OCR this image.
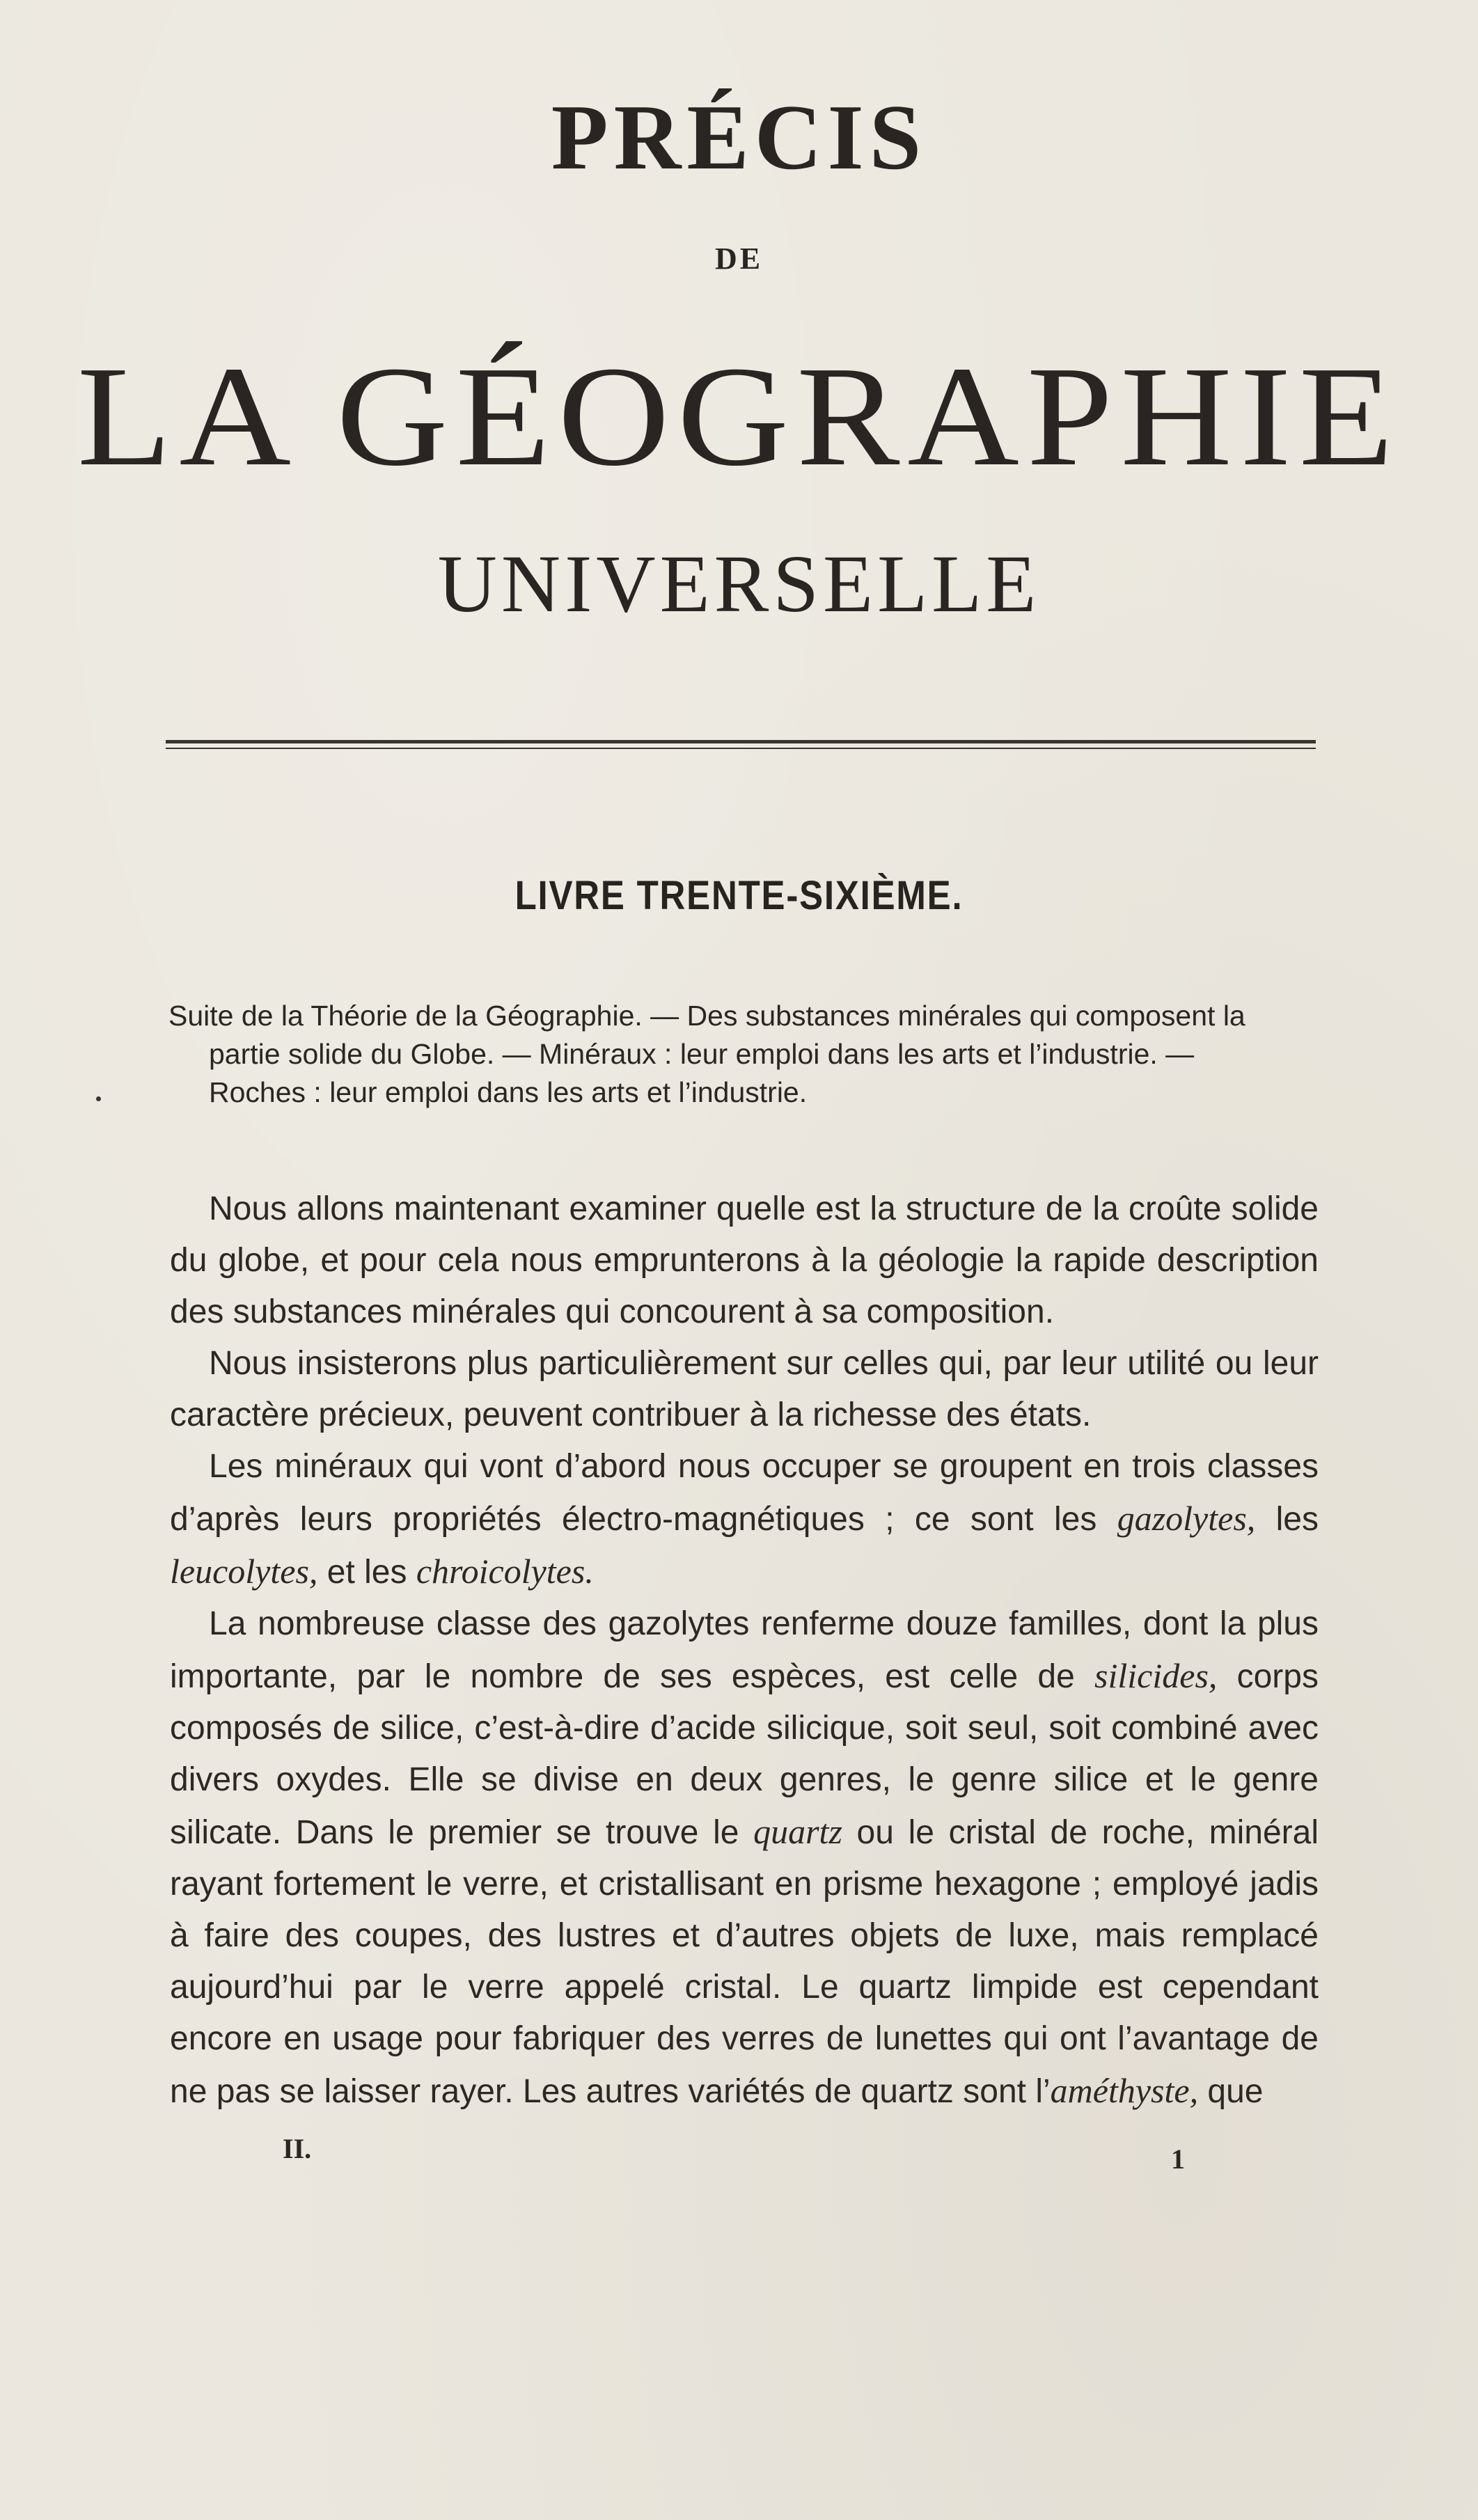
PRÉCIS
DE
LA GÉOGRAPHIE
UNIVERSELLE
LIVRE TRENTE-SIXIÈME.
Suite de la Théorie de la Géographie. — Des substances minérales qui composent la
partie solide du Globe. — Minéraux : leur emploi dans les arts et l’industrie. —
Roches : leur emploi dans les arts et l’industrie.

Nous allons maintenant examiner quelle est la structure de la croûte solide du globe, et pour cela nous emprunterons à la géologie la rapide description des substances minérales qui concourent à sa composition.

Nous insisterons plus particulièrement sur celles qui, par leur utilité ou leur caractère précieux, peuvent contribuer à la richesse des états.

Les minéraux qui vont d’abord nous occuper se groupent en trois classes d’après leurs propriétés électro-magnétiques ; ce sont les gazolytes, les leucolytes, et les chroicolytes.

La nombreuse classe des gazolytes renferme douze familles, dont la plus importante, par le nombre de ses espèces, est celle de silicides, corps composés de silice, c’est-à-dire d’acide silicique, soit seul, soit combiné avec divers oxydes. Elle se divise en deux genres, le genre silice et le genre silicate. Dans le premier se trouve le quartz ou le cristal de roche, minéral rayant fortement le verre, et cristallisant en prisme hexagone ; employé jadis à faire des coupes, des lustres et d’autres objets de luxe, mais remplacé aujourd’hui par le verre appelé cristal. Le quartz limpide est cependant encore en usage pour fabriquer des verres de lunettes qui ont l’avantage de ne pas se laisser rayer. Les autres variétés de quartz sont l’améthyste, que

II.	1
